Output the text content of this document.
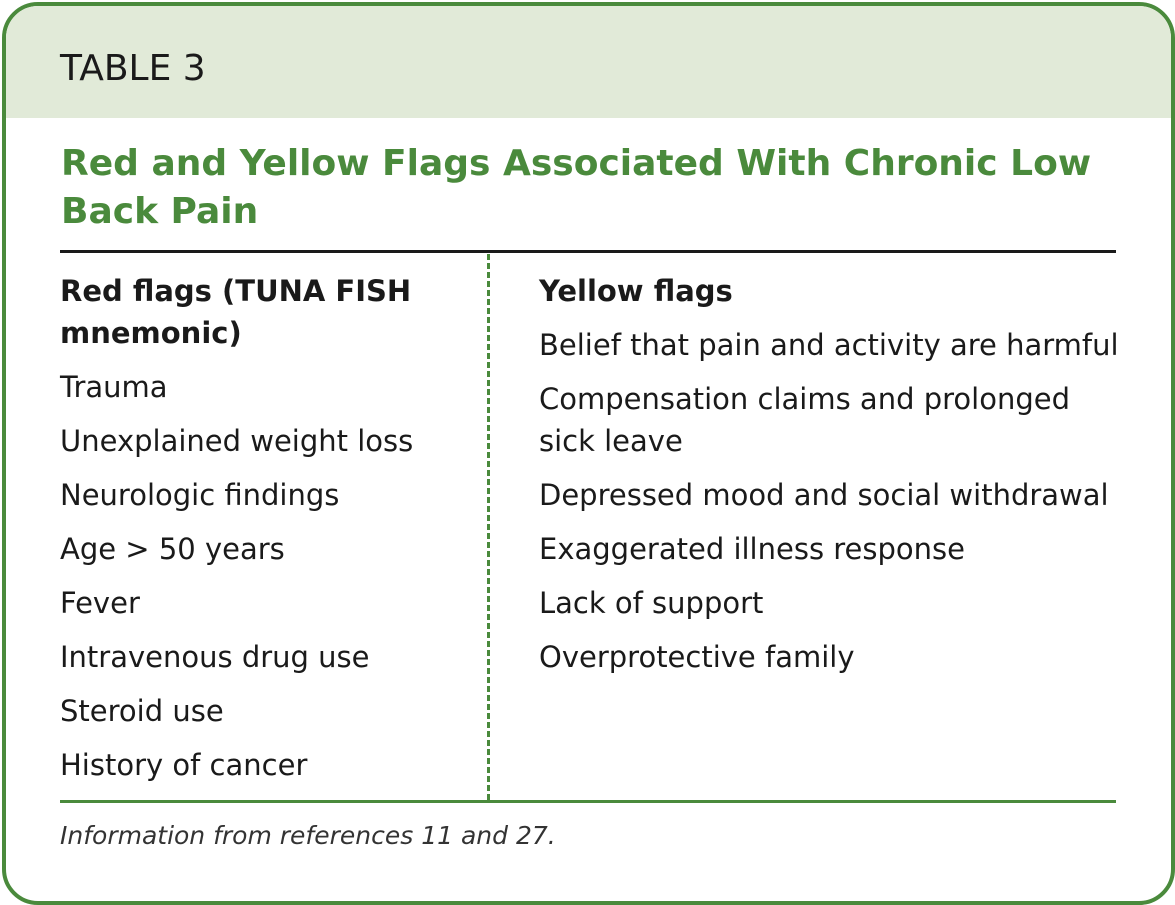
TABLE 3
Red and Yellow Flags Associated With Chronic Low Back Pain
Red flags (TUNA FISH mnemonic)
Trauma
Unexplained weight loss
Neurologic findings
Age > 50 years
Fever
Intravenous drug use
Steroid use
History of cancer
Yellow flags
Belief that pain and activity are harmful
Compensation claims and prolonged sick leave
Depressed mood and social withdrawal
Exaggerated illness response
Lack of support
Overprotective family
Information from references 11 and 27.
